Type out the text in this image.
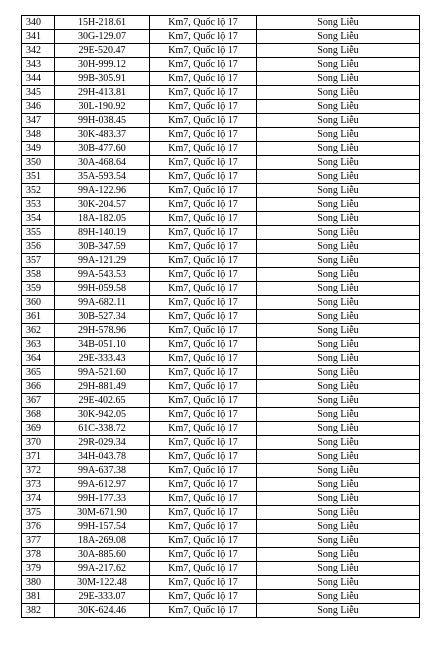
340	15H-218.61	Km7, Quốc lộ 17	Song Liễu
341	30G-129.07	Km7, Quốc lộ 17	Song Liễu
342	29E-520.47	Km7, Quốc lộ 17	Song Liễu
343	30H-999.12	Km7, Quốc lộ 17	Song Liễu
344	99B-305.91	Km7, Quốc lộ 17	Song Liễu
345	29H-413.81	Km7, Quốc lộ 17	Song Liễu
346	30L-190.92	Km7, Quốc lộ 17	Song Liễu
347	99H-038.45	Km7, Quốc lộ 17	Song Liễu
348	30K-483.37	Km7, Quốc lộ 17	Song Liễu
349	30B-477.60	Km7, Quốc lộ 17	Song Liễu
350	30A-468.64	Km7, Quốc lộ 17	Song Liễu
351	35A-593.54	Km7, Quốc lộ 17	Song Liễu
352	99A-122.96	Km7, Quốc lộ 17	Song Liễu
353	30K-204.57	Km7, Quốc lộ 17	Song Liễu
354	18A-182.05	Km7, Quốc lộ 17	Song Liễu
355	89H-140.19	Km7, Quốc lộ 17	Song Liễu
356	30B-347.59	Km7, Quốc lộ 17	Song Liễu
357	99A-121.29	Km7, Quốc lộ 17	Song Liễu
358	99A-543.53	Km7, Quốc lộ 17	Song Liễu
359	99H-059.58	Km7, Quốc lộ 17	Song Liễu
360	99A-682.11	Km7, Quốc lộ 17	Song Liễu
361	30B-527.34	Km7, Quốc lộ 17	Song Liễu
362	29H-578.96	Km7, Quốc lộ 17	Song Liễu
363	34B-051.10	Km7, Quốc lộ 17	Song Liễu
364	29E-333.43	Km7, Quốc lộ 17	Song Liễu
365	99A-521.60	Km7, Quốc lộ 17	Song Liễu
366	29H-881.49	Km7, Quốc lộ 17	Song Liễu
367	29E-402.65	Km7, Quốc lộ 17	Song Liễu
368	30K-942.05	Km7, Quốc lộ 17	Song Liễu
369	61C-338.72	Km7, Quốc lộ 17	Song Liễu
370	29R-029.34	Km7, Quốc lộ 17	Song Liễu
371	34H-043.78	Km7, Quốc lộ 17	Song Liễu
372	99A-637.38	Km7, Quốc lộ 17	Song Liễu
373	99A-612.97	Km7, Quốc lộ 17	Song Liễu
374	99H-177.33	Km7, Quốc lộ 17	Song Liễu
375	30M-671.90	Km7, Quốc lộ 17	Song Liễu
376	99H-157.54	Km7, Quốc lộ 17	Song Liễu
377	18A-269.08	Km7, Quốc lộ 17	Song Liễu
378	30A-885.60	Km7, Quốc lộ 17	Song Liễu
379	99A-217.62	Km7, Quốc lộ 17	Song Liễu
380	30M-122.48	Km7, Quốc lộ 17	Song Liễu
381	29E-333.07	Km7, Quốc lộ 17	Song Liễu
382	30K-624.46	Km7, Quốc lộ 17	Song Liễu
